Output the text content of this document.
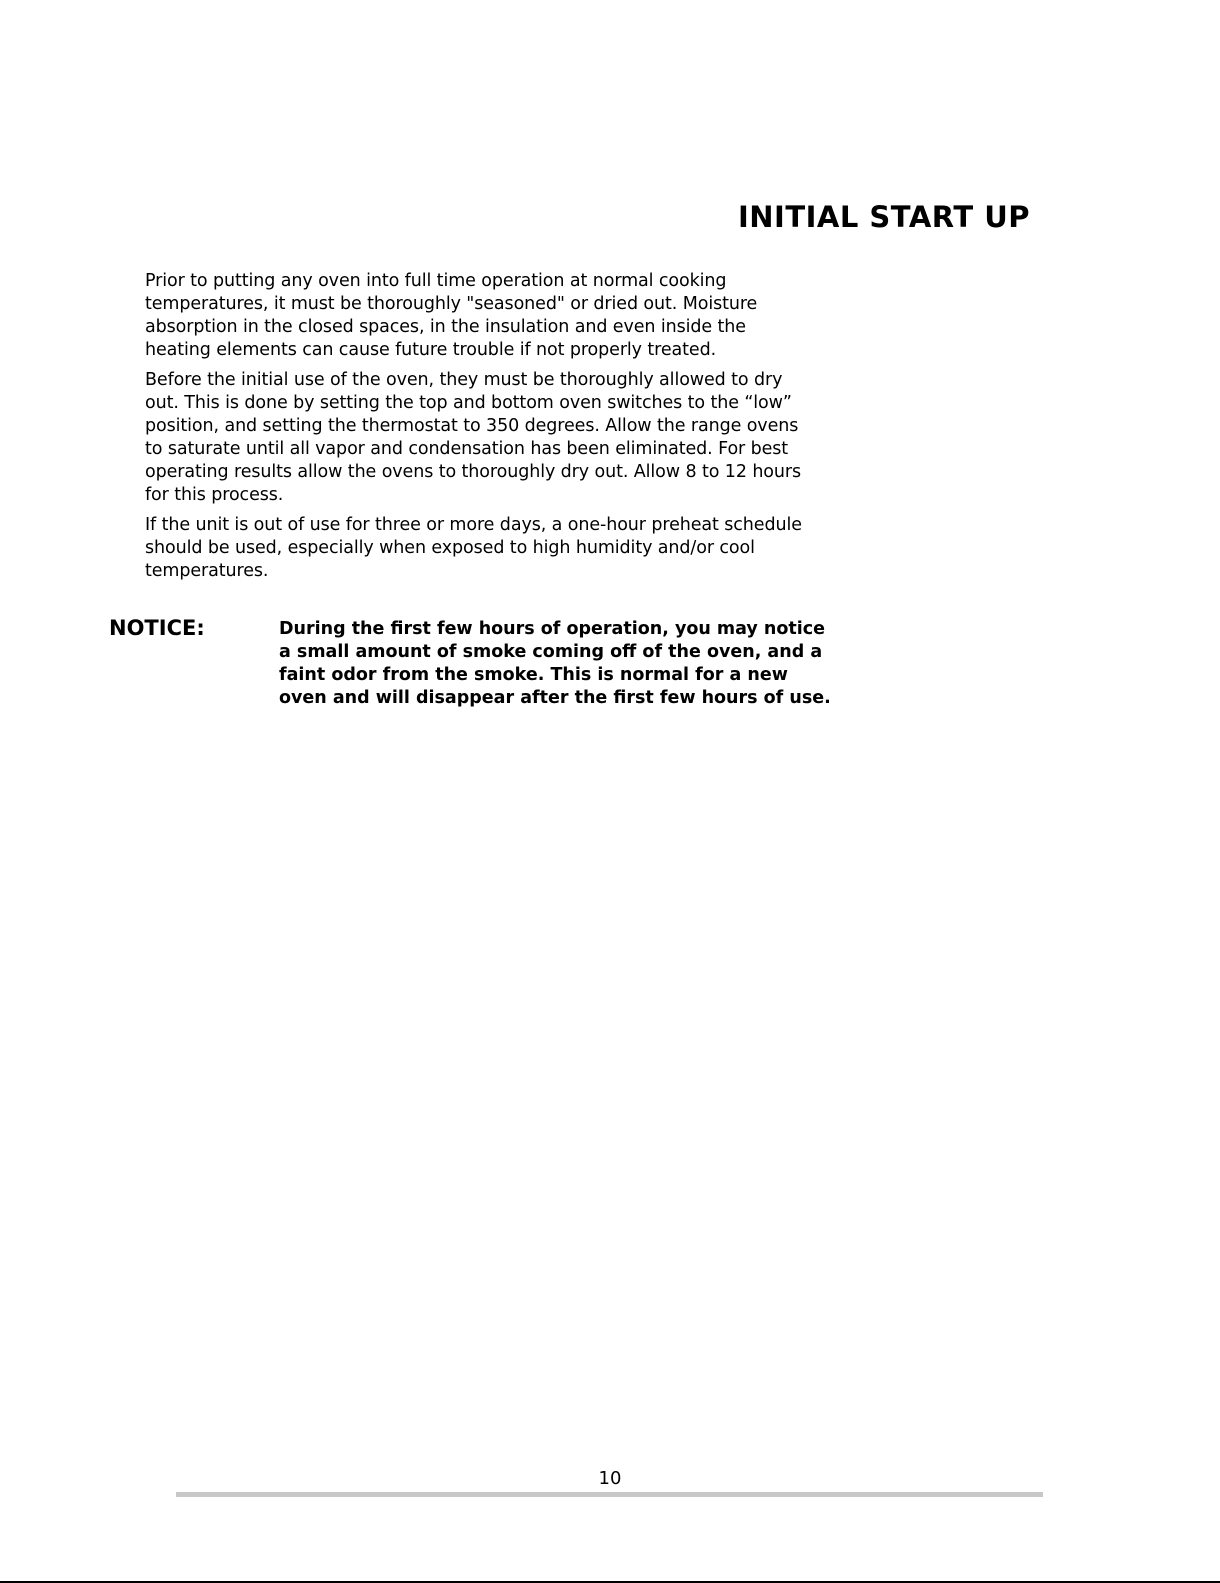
INITIAL START UP

Prior to putting any oven into full time operation at normal cooking
temperatures, it must be thoroughly "seasoned" or dried out. Moisture
absorption in the closed spaces, in the insulation and even inside the
heating elements can cause future trouble if not properly treated.

Before the initial use of the oven, they must be thoroughly allowed to dry
out. This is done by setting the top and bottom oven switches to the “low”
position, and setting the thermostat to 350 degrees. Allow the range ovens
to saturate until all vapor and condensation has been eliminated. For best
operating results allow the ovens to thoroughly dry out. Allow 8 to 12 hours
for this process.

If the unit is out of use for three or more days, a one-hour preheat schedule
should be used, especially when exposed to high humidity and/or cool
temperatures.

NOTICE:	During the first few hours of operation, you may notice
a small amount of smoke coming off of the oven, and a
faint odor from the smoke. This is normal for a new
oven and will disappear after the first few hours of use.
10
